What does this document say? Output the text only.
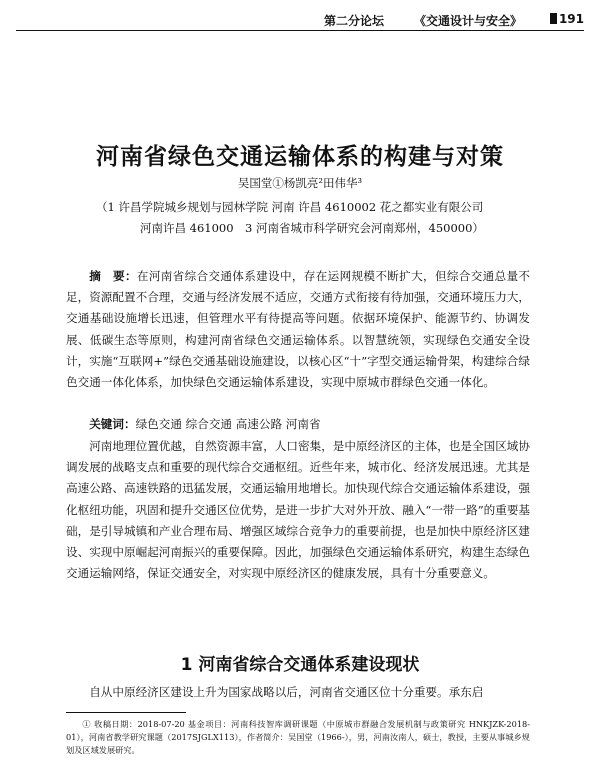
第二分论坛 《交通设计与安全》	191
河南省绿色交通运输体系的构建与对策
吴国堂①杨凯亮²田伟华³
（1 许昌学院城乡规划与园林学院 河南 许昌 4610002 花之都实业有限公司
河南许昌 461000　3 河南省城市科学研究会河南郑州，450000）
摘　要：在河南省综合交通体系建设中，存在运网规模不断扩大，但综合交通总量不足，资源配置不合理，交通与经济发展不适应，交通方式衔接有待加强，交通环境压力大，交通基础设施增长迅速，但管理水平有待提高等问题。依据环境保护、能源节约、协调发展、低碳生态等原则，构建河南省绿色交通运输体系。以智慧统领，实现绿色交通安全设计，实施“互联网+”绿色交通基础设施建设，以核心区“十”字型交通运输骨架，构建综合绿色交通一体化体系，加快绿色交通运输体系建设，实现中原城市群绿色交通一体化。
关键词：绿色交通 综合交通 高速公路 河南省
河南地理位置优越，自然资源丰富，人口密集，是中原经济区的主体，也是全国区域协调发展的战略支点和重要的现代综合交通枢纽。近些年来，城市化、经济发展迅速。尤其是高速公路、高速铁路的迅猛发展，交通运输用地增长。加快现代综合交通运输体系建设，强化枢纽功能，巩固和提升交通区位优势，是进一步扩大对外开放、融入“一带一路”的重要基础，是引导城镇和产业合理布局、增强区域综合竞争力的重要前提，也是加快中原经济区建设、实现中原崛起河南振兴的重要保障。因此，加强绿色交通运输体系研究，构建生态绿色交通运输网络，保证交通安全，对实现中原经济区的健康发展，具有十分重要意义。
1 河南省综合交通体系建设现状
自从中原经济区建设上升为国家战略以后，河南省交通区位十分重要。承东启
① 收稿日期：2018-07-20 基金项目：河南科技智库调研课题（中原城市群融合发展机制与政策研究 HNKJZK-2018-01），河南省教学研究课题（2017SJGLX113），作者简介：吴国堂（1966-），男，河南汝南人，硕士，教授，主要从事城乡规划及区域发展研究。
